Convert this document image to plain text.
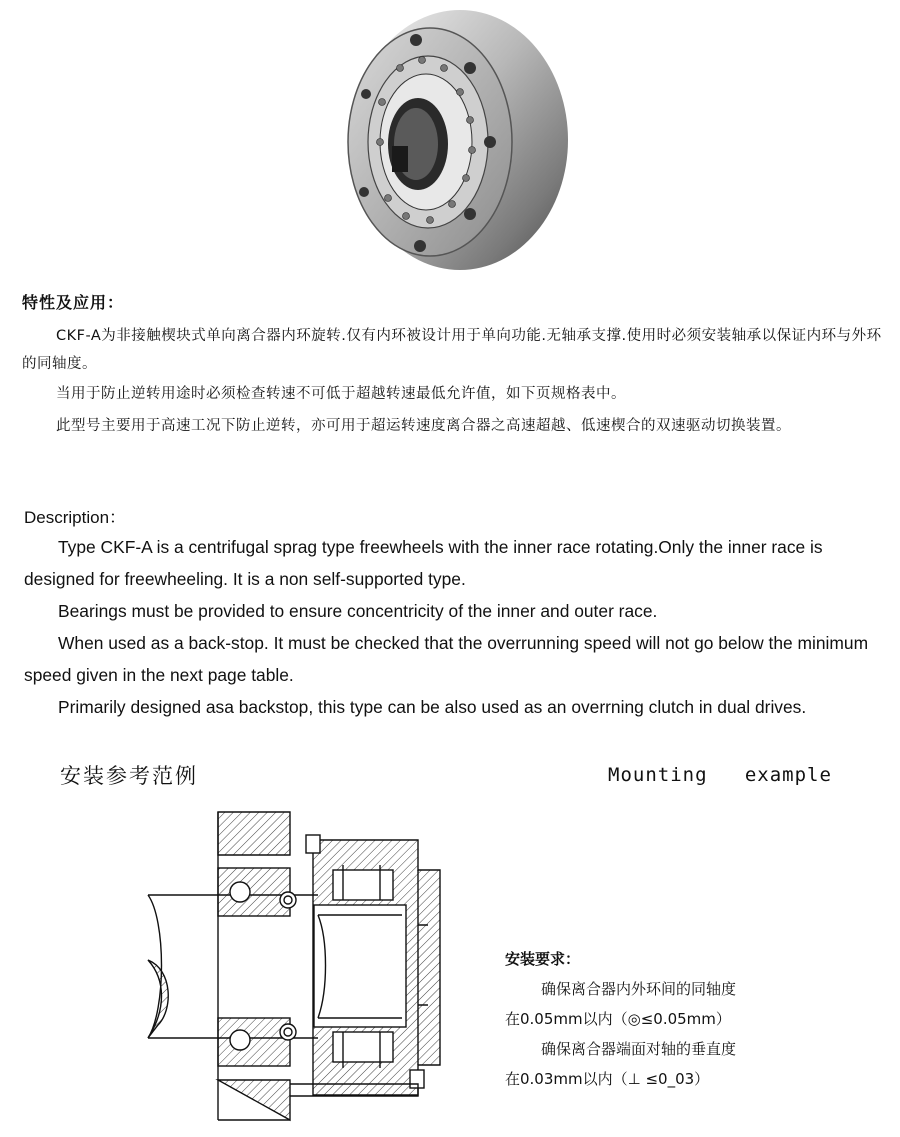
特性及应用：
CKF-A为非接触楔块式单向离合器内环旋转.仅有内环被设计用于单向功能.无轴承支撑.使用时必须安装轴承以保证内环与外环的同轴度。
当用于防止逆转用途时必须检查转速不可低于超越转速最低允许值，如下页规格表中。
此型号主要用于高速工况下防止逆转，亦可用于超运转速度离合器之高速超越、低速楔合的双速驱动切换装置。
Description：
Type CKF-A is a centrifugal sprag type freewheels with the inner race rotating.Only the inner race is designed for freewheeling. It is a non self-supported type.
Bearings must be provided to ensure concentricity of the inner and outer race.
When used as a back-stop. It must be checked that the overrunning speed will not go below the minimum speed given in the next page table.
Primarily designed asa backstop, this type can be also used as an overrning clutch in dual drives.
安装参考范例	Mounting   example
安装要求：
确保离合器内外环间的同轴度
在0.05mm以内（◎≤0.05mm）
确保离合器端面对轴的垂直度
在0.03mm以内（⊥ ≤0_03）
